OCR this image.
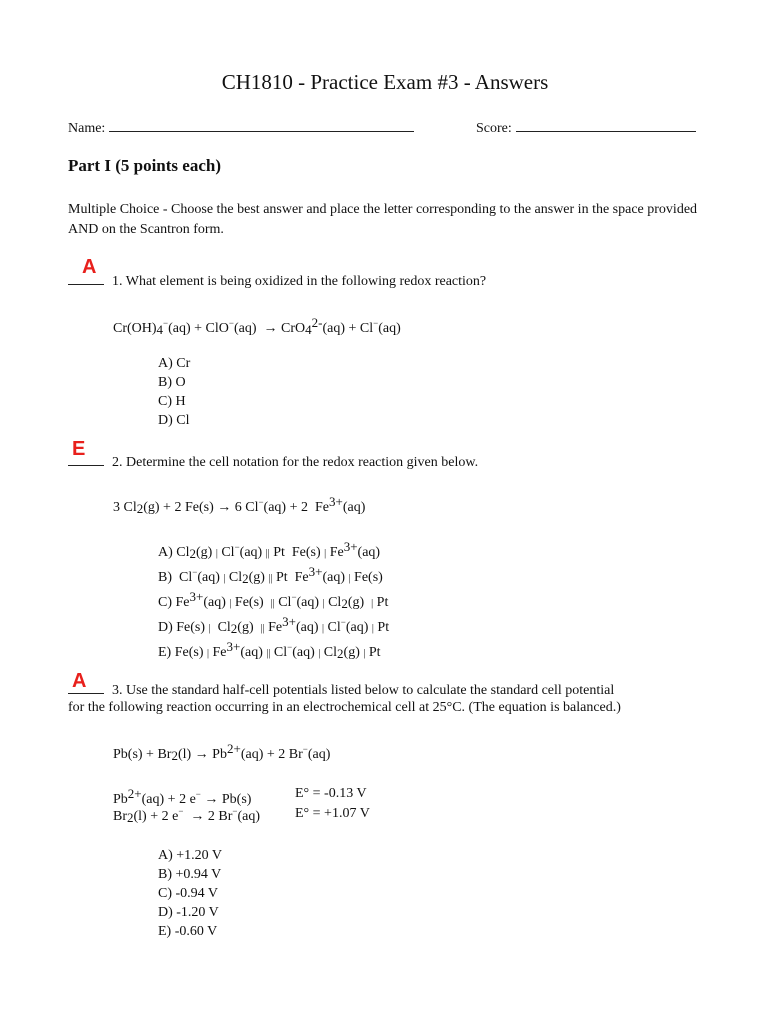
CH1810 - Practice Exam #3 - Answers
Name:	Score:
Part I (5 points each)
Multiple Choice - Choose the best answer and place the letter corresponding to the answer in the space provided AND on the Scantron form.
A
1. What element is being oxidized in the following redox reaction?
Cr(OH)4−(aq) + ClO−(aq)  → CrO42-(aq) + Cl−(aq)
A) Cr
B) O
C) H
D) Cl
E
2. Determine the cell notation for the redox reaction given below.
3 Cl2(g) + 2 Fe(s) → 6 Cl−(aq) + 2  Fe3+(aq)
A) Cl2(g) | Cl−(aq) || Pt  Fe(s) | Fe3+(aq)
B)  Cl−(aq) | Cl2(g) || Pt  Fe3+(aq) | Fe(s)
C) Fe3+(aq) | Fe(s)  || Cl−(aq) | Cl2(g)  | Pt
D) Fe(s) |  Cl2(g)  || Fe3+(aq) | Cl−(aq) | Pt
E) Fe(s) | Fe3+(aq) || Cl−(aq) | Cl2(g) | Pt
A	3. Use the standard half-cell potentials listed below to calculate the standard cell potential
for the following reaction occurring in an electrochemical cell at 25°C. (The equation is balanced.)
Pb(s) + Br2(l) → Pb2+(aq) + 2 Br−(aq)
Pb2+(aq) + 2 e− → Pb(s)	E° = -0.13 V
Br2(l) + 2 e−  → 2 Br−(aq) E° = +1.07 V
A) +1.20 V
B) +0.94 V
C) -0.94 V
D) -1.20 V
E) -0.60 V
